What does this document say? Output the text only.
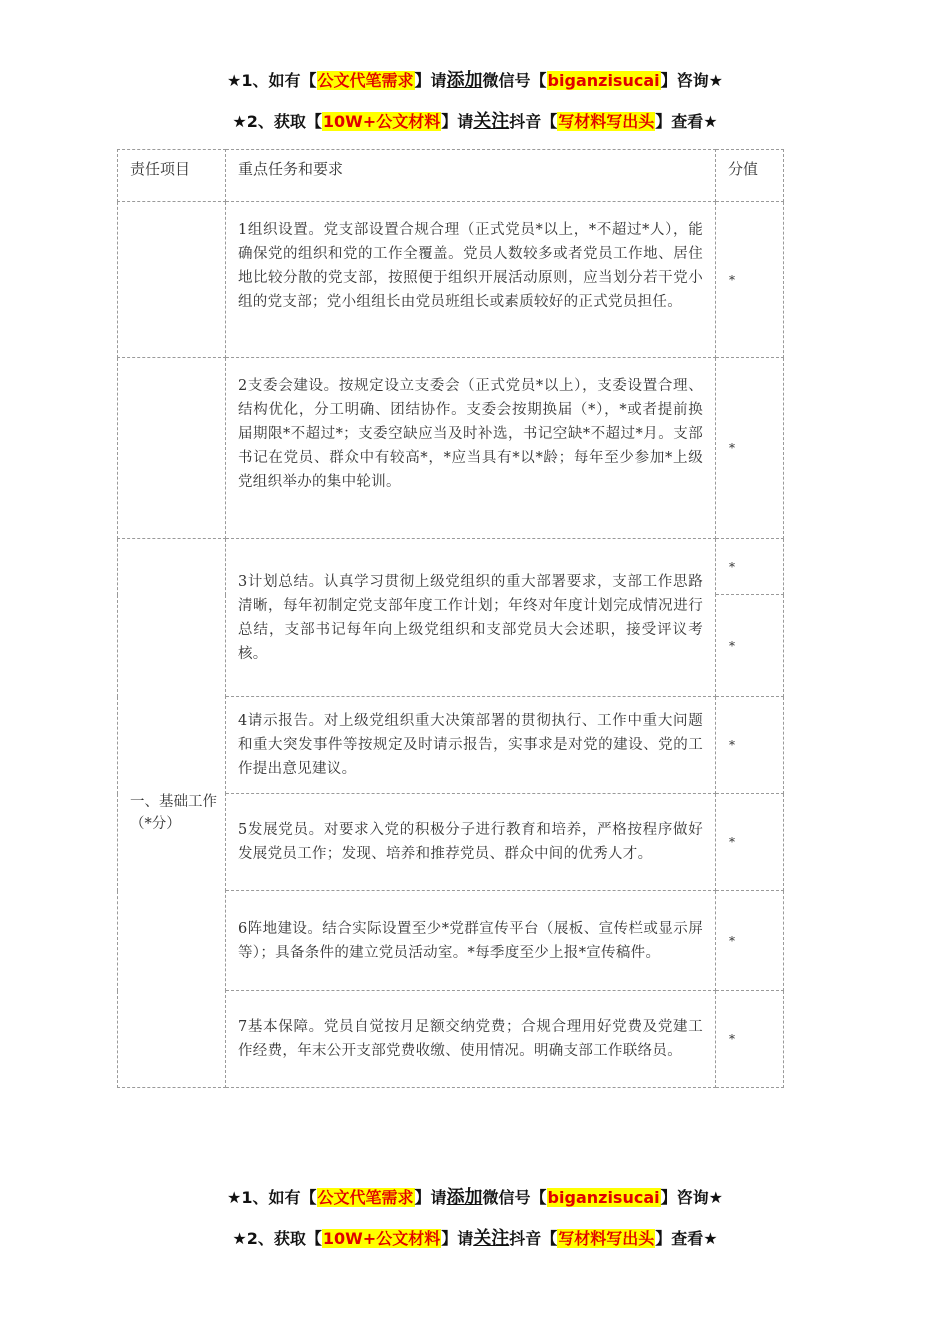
★1、如有【公文代笔需求】请添加微信号【biganzisucai】咨询★
★2、获取【10W+公文材料】请关注抖音【写材料写出头】查看★
责任项目	重点任务和要求	分值

	1组织设置。党支部设置合规合理（正式党员*以上，*不超过*人），能确保党的组织和党的工作全覆盖。党员人数较多或者党员工作地、居住地比较分散的党支部，按照便于组织开展活动原则，应当划分若干党小组的党支部；党小组组长由党员班组长或素质较好的正式党员担任。	*

	2支委会建设。按规定设立支委会（正式党员*以上），支委设置合理、结构优化，分工明确、团结协作。支委会按期换届（*），*或者提前换届期限*不超过*；支委空缺应当及时补选，书记空缺*不超过*月。支部书记在党员、群众中有较高*，*应当具有*以*龄；每年至少参加*上级党组织举办的集中轮训。	*

一、基础工作（*分）	3计划总结。认真学习贯彻上级党组织的重大部署要求，支部工作思路清晰，每年初制定党支部年度工作计划；年终对年度计划完成情况进行总结，支部书记每年向上级党组织和支部党员大会述职，接受评议考核。	*

		*

	4请示报告。对上级党组织重大决策部署的贯彻执行、工作中重大问题和重大突发事件等按规定及时请示报告，实事求是对党的建设、党的工作提出意见建议。	*

	5发展党员。对要求入党的积极分子进行教育和培养，严格按程序做好发展党员工作；发现、培养和推荐党员、群众中间的优秀人才。	*

	6阵地建设。结合实际设置至少*党群宣传平台（展板、宣传栏或显示屏等）；具备条件的建立党员活动室。*每季度至少上报*宣传稿件。	*

	7基本保障。党员自觉按月足额交纳党费；合规合理用好党费及党建工作经费，年末公开支部党费收缴、使用情况。明确支部工作联络员。	*
★1、如有【公文代笔需求】请添加微信号【biganzisucai】咨询★
★2、获取【10W+公文材料】请关注抖音【写材料写出头】查看★
